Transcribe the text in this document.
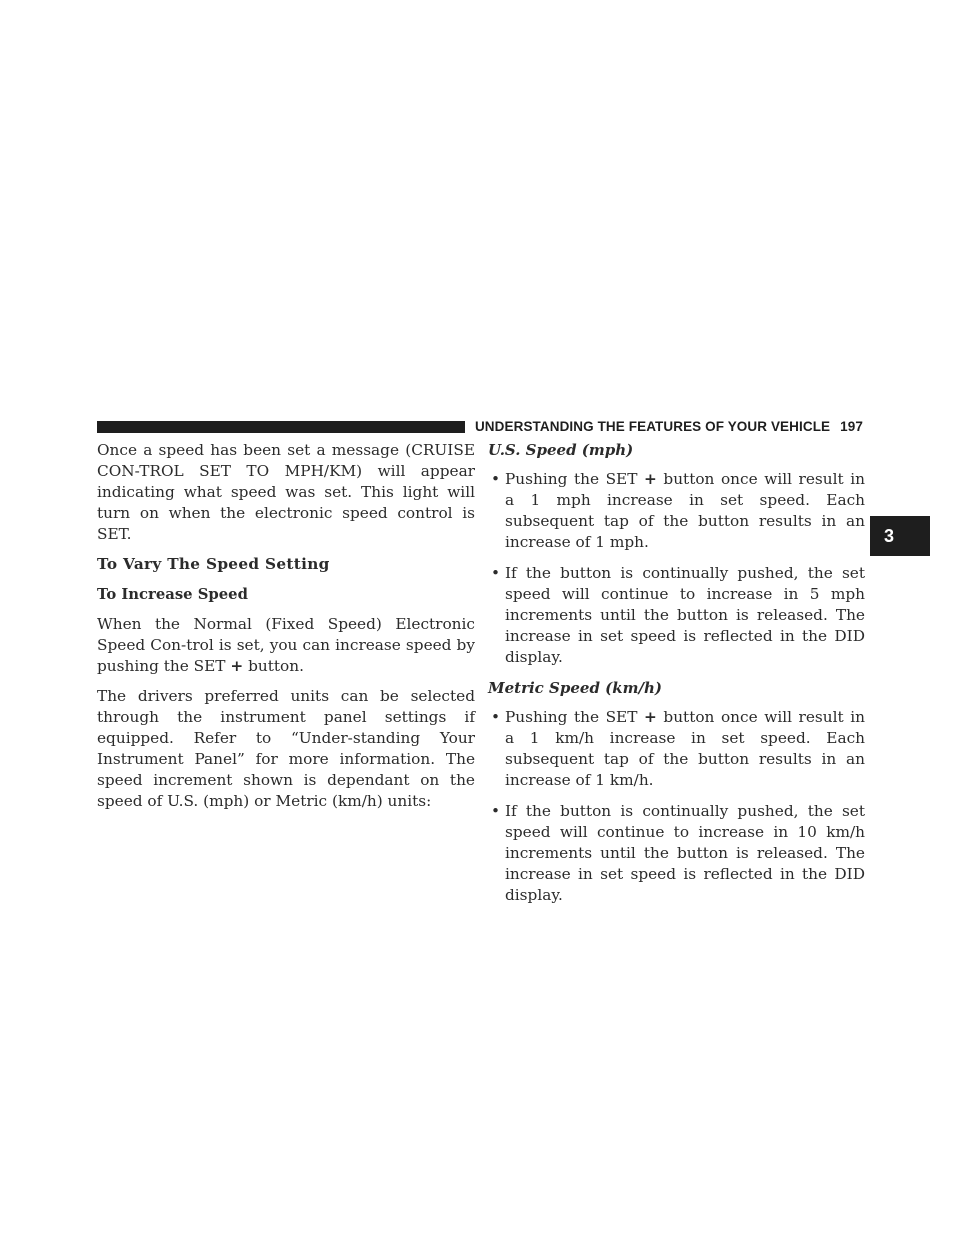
UNDERSTANDING THE FEATURES OF YOUR VEHICLE 197
3

Once a speed has been set a message (CRUISE CON-TROL SET TO MPH/KM) will appear indicating what speed was set. This light will turn on when the electronic speed control is SET.

To Vary The Speed Setting
To Increase Speed

When the Normal (Fixed Speed) Electronic Speed Con-trol is set, you can increase speed by pushing the SET + button.

The drivers preferred units can be selected through the instrument panel settings if equipped. Refer to “Under-standing Your Instrument Panel” for more information. The speed increment shown is dependant on the speed of U.S. (mph) or Metric (km/h) units:

U.S. Speed (mph)
• Pushing the SET + button once will result in a 1 mph increase in set speed. Each subsequent tap of the button results in an increase of 1 mph.
• If the button is continually pushed, the set speed will continue to increase in 5 mph increments until the button is released. The increase in set speed is reflected in the DID display.
Metric Speed (km/h)
• Pushing the SET + button once will result in a 1 km/h increase in set speed. Each subsequent tap of the button results in an increase of 1 km/h.
• If the button is continually pushed, the set speed will continue to increase in 10 km/h increments until the button is released. The increase in set speed is reflected in the DID display.
